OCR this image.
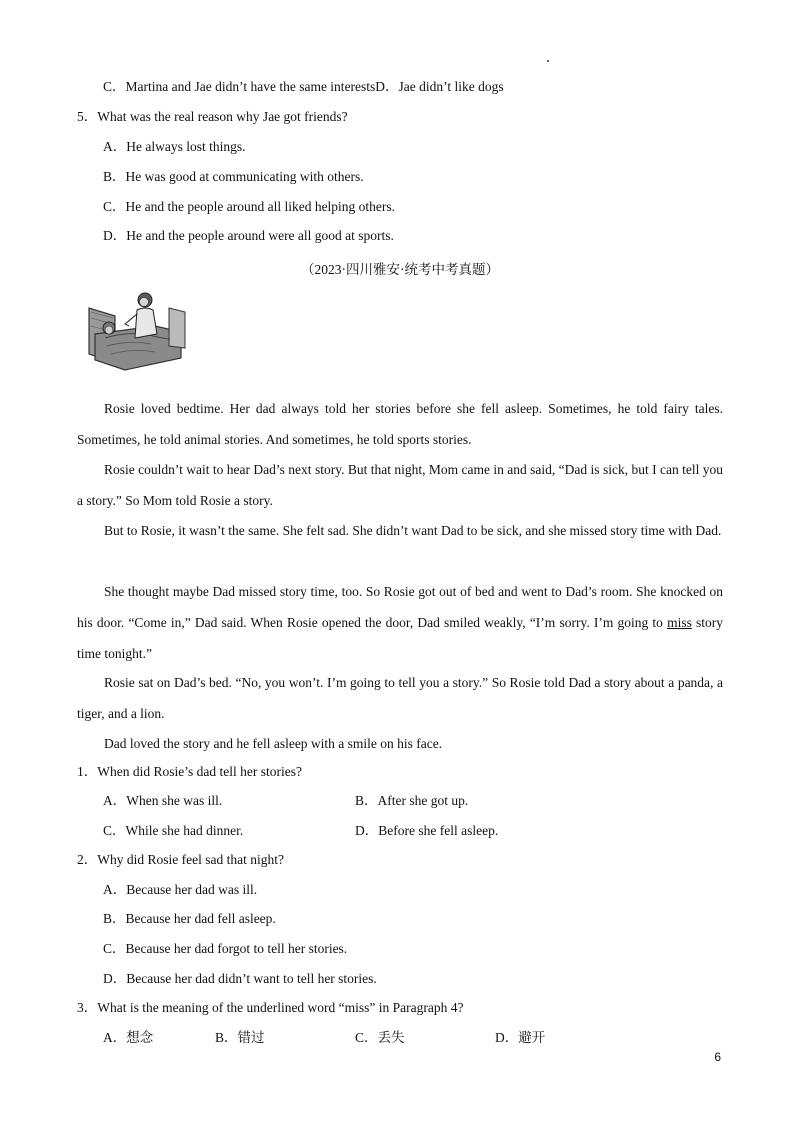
C．Martina and Jae didn’t have the same interestsD．Jae didn’t like dogs
5．What was the real reason why Jae got friends?
A．He always lost things.
B．He was good at communicating with others.
C．He and the people around all liked helping others.
D．He and the people around were all good at sports.
（2023·四川雅安·统考中考真题）
Rosie loved bedtime. Her dad always told her stories before she fell asleep. Sometimes, he told fairy tales. Sometimes, he told animal stories. And sometimes, he told sports stories.
Rosie couldn’t wait to hear Dad’s next story. But that night, Mom came in and said, “Dad is sick, but I can tell you a story.” So Mom told Rosie a story.
But to Rosie, it wasn’t the same. She felt sad. She didn’t want Dad to be sick, and she missed story time with Dad.
She thought maybe Dad missed story time, too. So Rosie got out of bed and went to Dad’s room. She knocked on his door. “Come in,” Dad said. When Rosie opened the door, Dad smiled weakly, “I’m sorry. I’m going to miss story time tonight.”
Rosie sat on Dad’s bed. “No, you won’t. I’m going to tell you a story.” So Rosie told Dad a story about a panda, a tiger, and a lion.
Dad loved the story and he fell asleep with a smile on his face.
1．When did Rosie’s dad tell her stories?
A．When she was ill.	B．After she got up.
C．While she had dinner.	D．Before she fell asleep.
2．Why did Rosie feel sad that night?
A．Because her dad was ill.
B．Because her dad fell asleep.
C．Because her dad forgot to tell her stories.
D．Because her dad didn’t want to tell her stories.
3．What is the meaning of the underlined word “miss” in Paragraph 4?
A．想念	B．错过	C．丢失	D．避开
6
